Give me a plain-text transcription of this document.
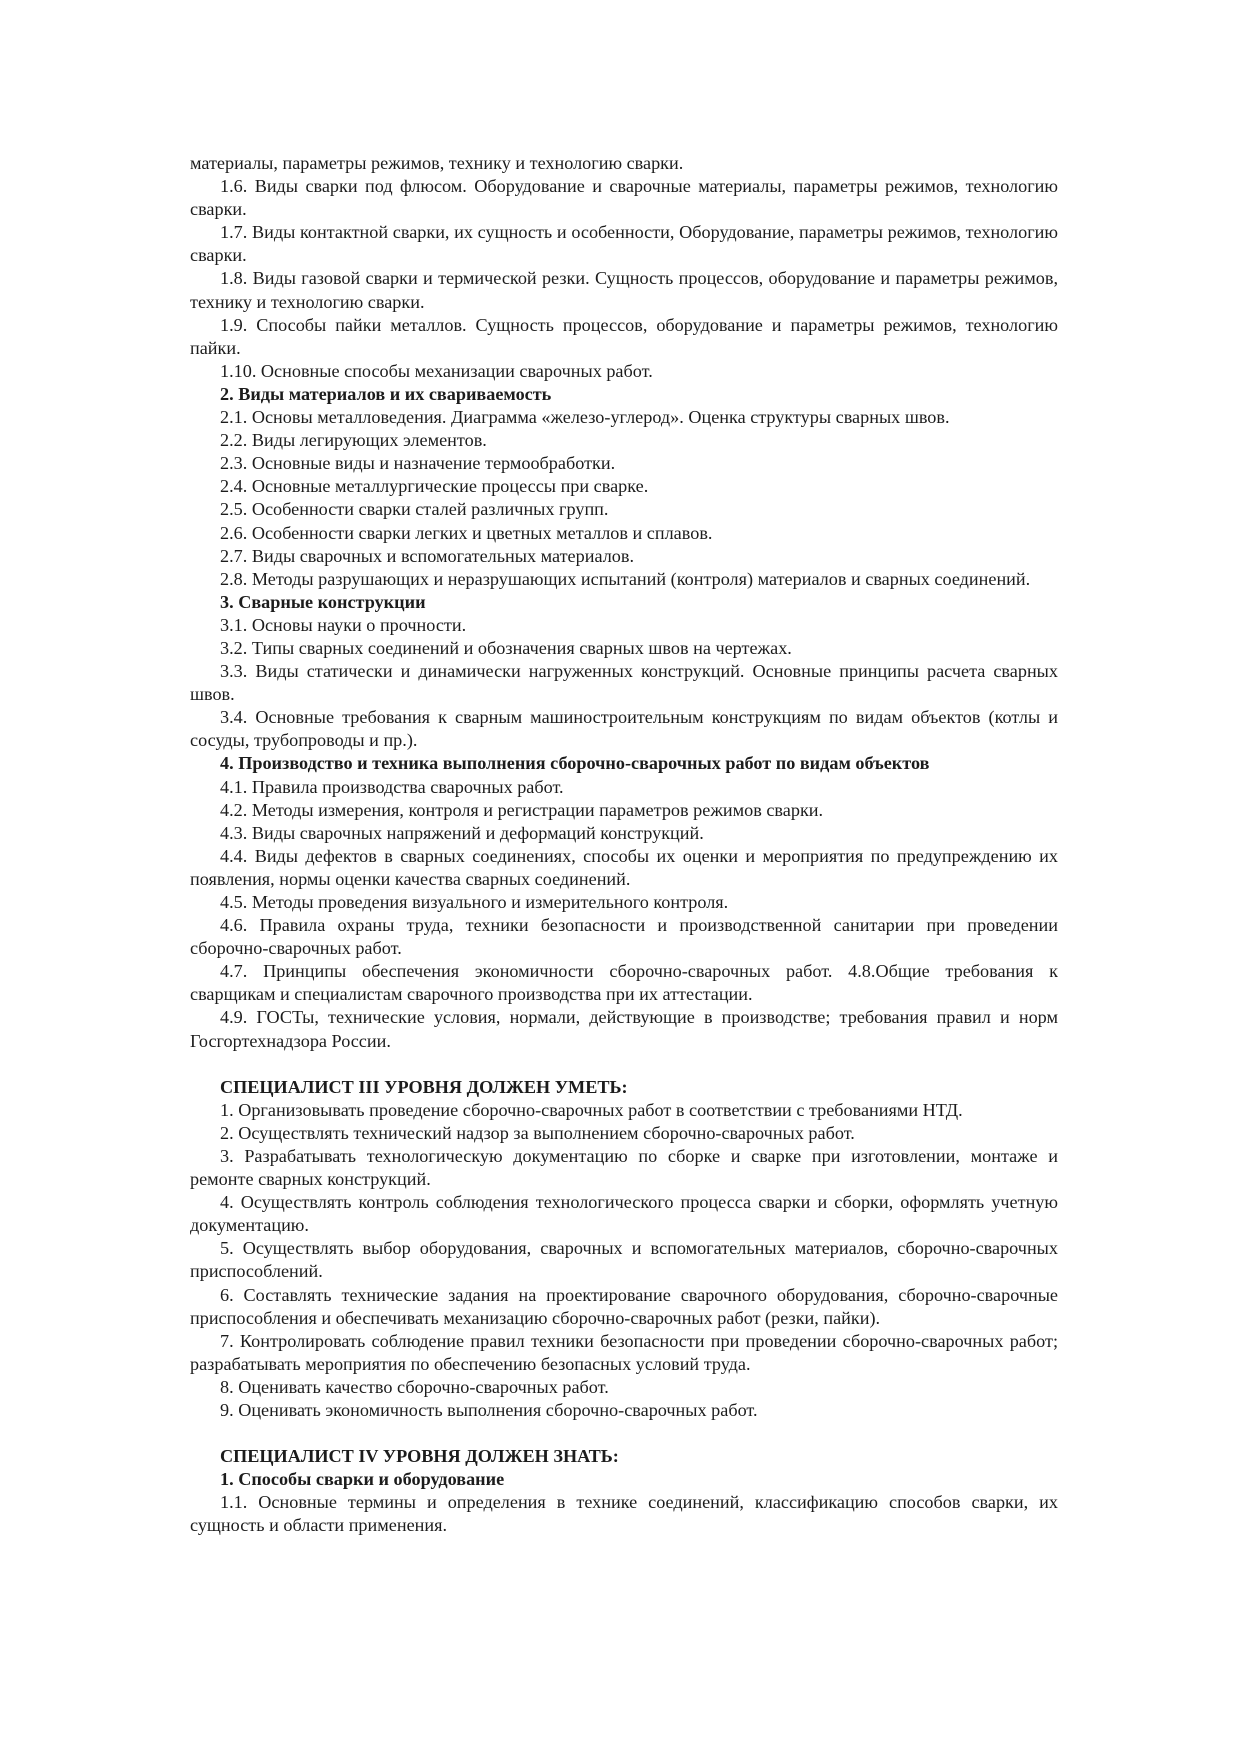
материалы, параметры режимов, технику и технологию сварки.

1.6. Виды сварки под флюсом. Оборудование и сварочные материалы, параметры режимов, технологию сварки.

1.7. Виды контактной сварки, их сущность и особенности, Оборудование, параметры режимов, технологию сварки.

1.8. Виды газовой сварки и термической резки. Сущность процессов, оборудование и параметры режимов, технику и технологию сварки.

1.9. Способы пайки металлов. Сущность процессов, оборудование и параметры режимов, технологию пайки.

1.10. Основные способы механизации сварочных работ.

2. Виды материалов и их свариваемость

2.1. Основы металловедения. Диаграмма «железо-углерод». Оценка структуры сварных швов.

2.2. Виды легирующих элементов.

2.3. Основные виды и назначение термообработки.

2.4. Основные металлургические процессы при сварке.

2.5. Особенности сварки сталей различных групп.

2.6. Особенности сварки легких и цветных металлов и сплавов.

2.7. Виды сварочных и вспомогательных материалов.

2.8. Методы разрушающих и неразрушающих испытаний (контроля) материалов и сварных соединений.

3. Сварные конструкции

3.1. Основы науки о прочности.

3.2. Типы сварных соединений и обозначения сварных швов на чертежах.

3.3. Виды статически и динамически нагруженных конструкций. Основные принципы расчета сварных швов.

3.4. Основные требования к сварным машиностроительным конструкциям по видам объектов (котлы и сосуды, трубопроводы и пр.).

4. Производство и техника выполнения сборочно-сварочных работ по видам объектов

4.1. Правила производства сварочных работ.

4.2. Методы измерения, контроля и регистрации параметров режимов сварки.

4.3. Виды сварочных напряжений и деформаций конструкций.

4.4. Виды дефектов в сварных соединениях, способы их оценки и мероприятия по предупреждению их появления, нормы оценки качества сварных соединений.

4.5. Методы проведения визуального и измерительного контроля.

4.6. Правила охраны труда, техники безопасности и производственной санитарии при проведении сборочно-сварочных работ.

4.7. Принципы обеспечения экономичности сборочно-сварочных работ. 4.8.Общие требования к сварщикам и специалистам сварочного производства при их аттестации.

4.9. ГОСТы, технические условия, нормали, действующие в производстве; требования правил и норм Госгортехнадзора России.

СПЕЦИАЛИСТ III УРОВНЯ ДОЛЖЕН УМЕТЬ:

1. Организовывать проведение сборочно-сварочных работ в соответствии с требованиями НТД.

2. Осуществлять технический надзор за выполнением сборочно-сварочных работ.

3. Разрабатывать технологическую документацию по сборке и сварке при изготовлении, монтаже и ремонте сварных конструкций.

4. Осуществлять контроль соблюдения технологического процесса сварки и сборки, оформлять учетную документацию.

5. Осуществлять выбор оборудования, сварочных и вспомогательных материалов, сборочно-сварочных приспособлений.

6. Составлять технические задания на проектирование сварочного оборудования, сборочно-сварочные приспособления и обеспечивать механизацию сборочно-сварочных работ (резки, пайки).

7. Контролировать соблюдение правил техники безопасности при проведении сборочно-сварочных работ; разрабатывать мероприятия по обеспечению безопасных условий труда.

8. Оценивать качество сборочно-сварочных работ.

9. Оценивать экономичность выполнения сборочно-сварочных работ.

СПЕЦИАЛИСТ IV УРОВНЯ ДОЛЖЕН ЗНАТЬ:

1. Способы сварки и оборудование

1.1. Основные термины и определения в технике соединений, классификацию способов сварки, их сущность и области применения.
